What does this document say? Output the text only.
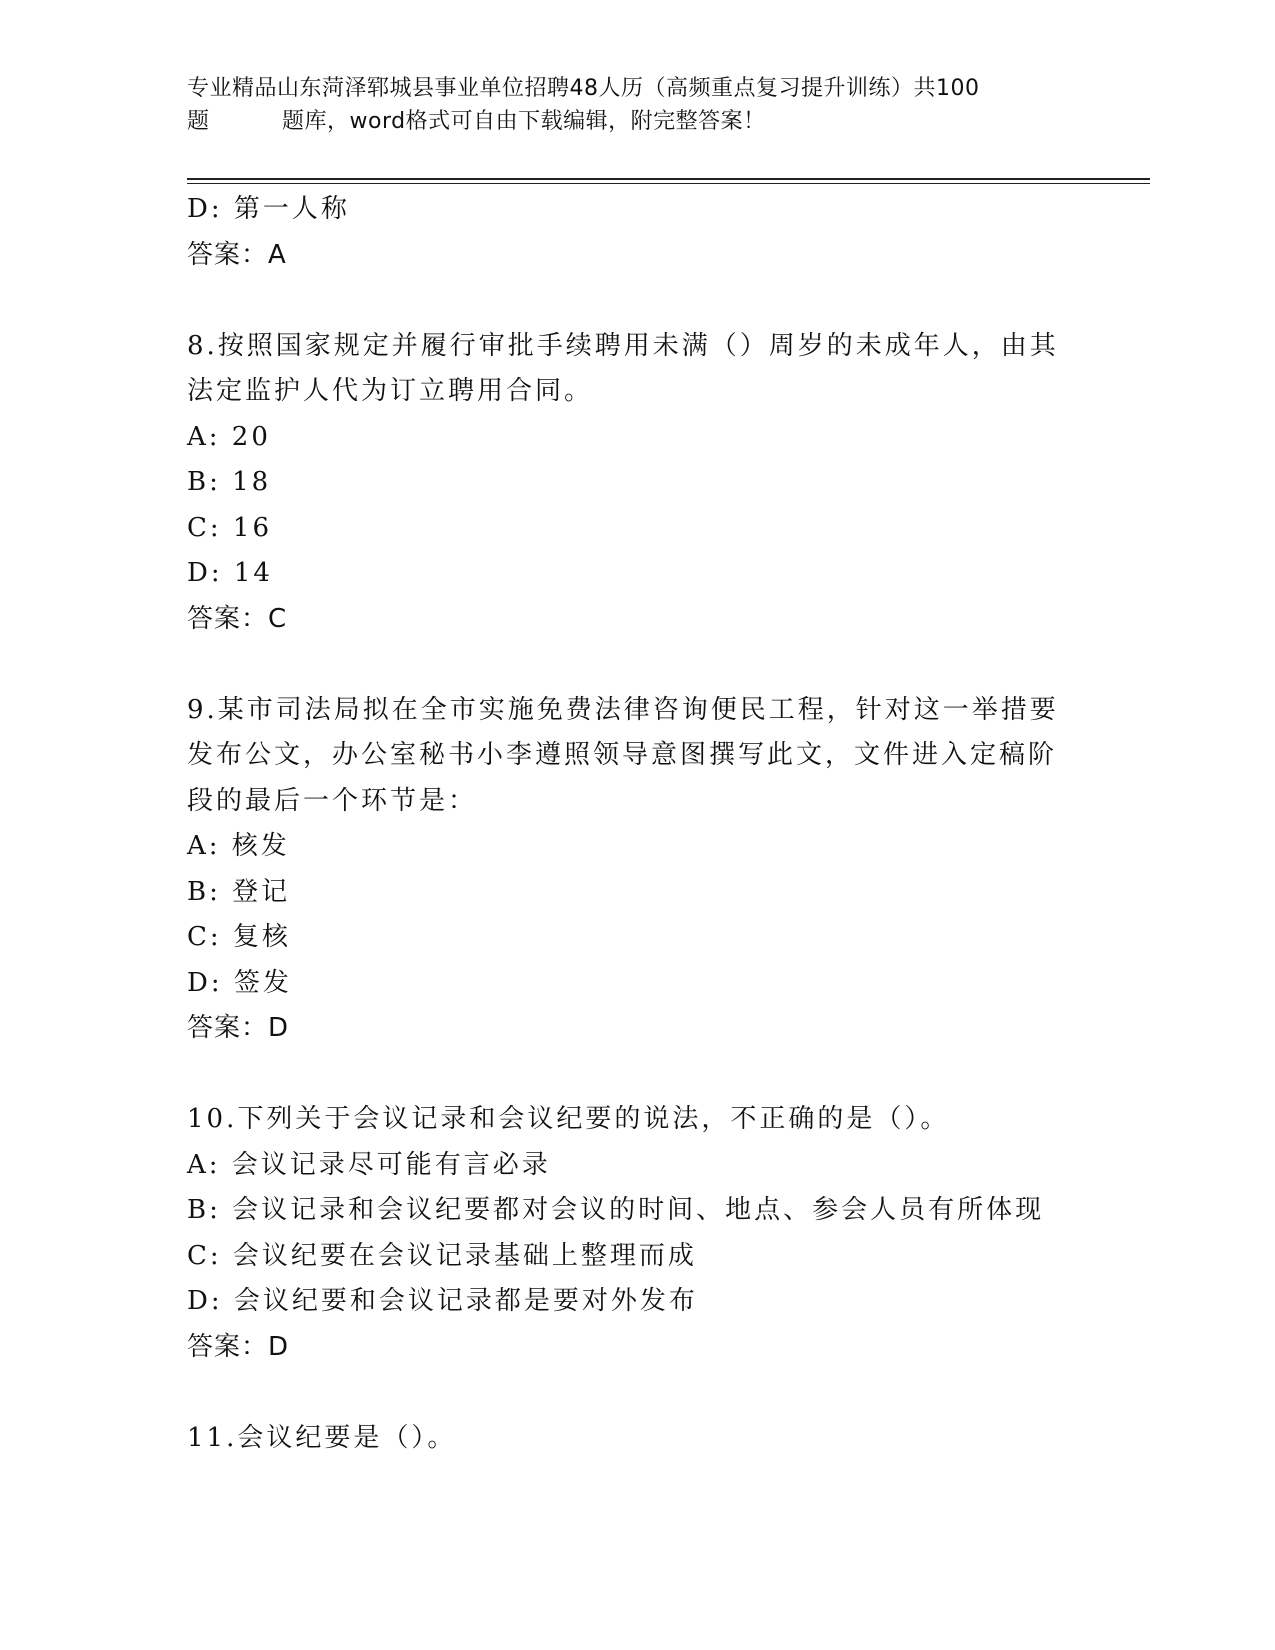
专业精品山东菏泽郓城县事业单位招聘48人历（高频重点复习提升训练）共100
题	题库，word格式可自由下载编辑，附完整答案！
D: 第一人称
答案：A
8.按照国家规定并履行审批手续聘用未满（）周岁的未成年人，由其
法定监护人代为订立聘用合同。
A: 20
B: 18
C: 16
D: 14
答案：C
9.某市司法局拟在全市实施免费法律咨询便民工程，针对这一举措要
发布公文，办公室秘书小李遵照领导意图撰写此文，文件进入定稿阶
段的最后一个环节是：
A: 核发
B: 登记
C: 复核
D: 签发
答案：D
10.下列关于会议记录和会议纪要的说法，不正确的是（）。
A: 会议记录尽可能有言必录
B: 会议记录和会议纪要都对会议的时间、地点、参会人员有所体现
C: 会议纪要在会议记录基础上整理而成
D: 会议纪要和会议记录都是要对外发布
答案：D
11.会议纪要是（）。
